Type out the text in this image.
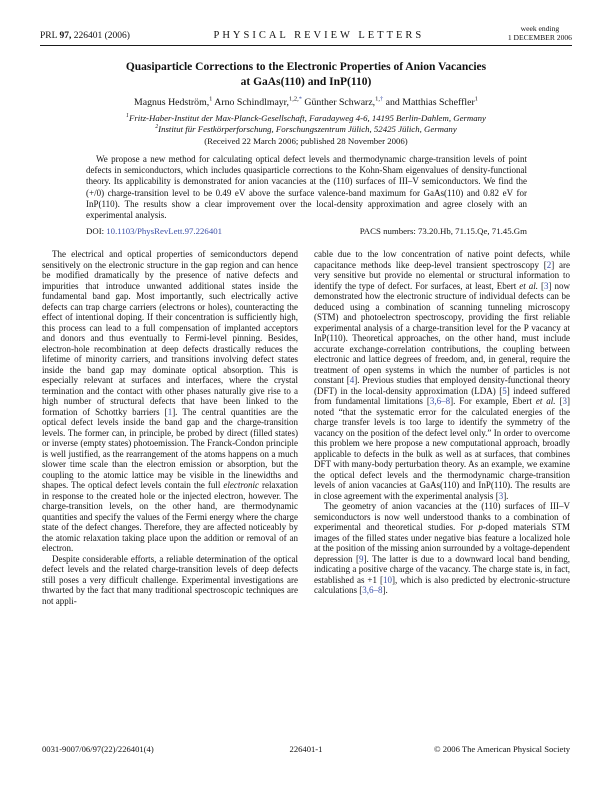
PRL 97, 226401 (2006)	PHYSICAL REVIEW LETTERS
week ending
1 DECEMBER 2006
Quasiparticle Corrections to the Electronic Properties of Anion Vacancies
at GaAs(110) and InP(110)
Magnus Hedström,$^1$ Arno Schindlmayr,$^{1,2,*}$ Günther Schwarz,$^{1,\dagger}$ and Matthias Scheffler$^1$
$^1$Fritz-Haber-Institut der Max-Planck-Gesellschaft, Faradayweg 4-6, 14195 Berlin-Dahlem, Germany
$^2$Institut für Festkörperforschung, Forschungszentrum Jülich, 52425 Jülich, Germany
(Received 22 March 2006; published 28 November 2006)
We propose a new method for calculating optical defect levels and thermodynamic charge-transition levels of point defects in semiconductors, which includes quasiparticle corrections to the Kohn-Sham eigenvalues of density-functional theory. Its applicability is demonstrated for anion vacancies at the (110) surfaces of III–V semiconductors. We find the (+/0) charge-transition level to be 0.49 eV above the surface valence-band maximum for GaAs(110) and 0.82 eV for InP(110). The results show a clear improvement over the local-density approximation and agree closely with an experimental analysis.
DOI: 10.1103/PhysRevLett.97.226401	PACS numbers: 73.20.Hb, 71.15.Qe, 71.45.Gm

The electrical and optical properties of semiconductors depend sensitively on the electronic structure in the gap region and can hence be modified dramatically by the presence of native defects and impurities that introduce unwanted additional states inside the fundamental band gap. Most importantly, such electrically active defects can trap charge carriers (electrons or holes), counteracting the effect of intentional doping. If their concentration is sufficiently high, this process can lead to a full compensation of implanted acceptors and donors and thus eventually to Fermi-level pinning. Besides, electron-hole recombination at deep defects drastically reduces the lifetime of minority carriers, and transitions involving defect states inside the band gap may dominate optical absorption. This is especially relevant at surfaces and interfaces, where the crystal termination and the contact with other phases naturally give rise to a high number of structural defects that have been linked to the formation of Schottky barriers [1]. The central quantities are the optical defect levels inside the band gap and the charge-transition levels. The former can, in principle, be probed by direct (filled states) or inverse (empty states) photoemission. The Franck-Condon principle is well justified, as the rearrangement of the atoms happens on a much slower time scale than the electron emission or absorption, but the coupling to the atomic lattice may be visible in the linewidths and shapes. The optical defect levels contain the full electronic relaxation in response to the created hole or the injected electron, however. The charge-transition levels, on the other hand, are thermodynamic quantities and specify the values of the Fermi energy where the charge state of the defect changes. Therefore, they are affected noticeably by the atomic relaxation taking place upon the addition or removal of an electron.

Despite considerable efforts, a reliable determination of the optical defect levels and the related charge-transition levels of deep defects still poses a very difficult challenge. Experimental investigations are thwarted by the fact that many traditional spectroscopic techniques are not appli-

cable due to the low concentration of native point defects, while capacitance methods like deep-level transient spectroscopy [2] are very sensitive but provide no elemental or structural information to identify the type of defect. For surfaces, at least, Ebert et al. [3] now demonstrated how the electronic structure of individual defects can be deduced using a combination of scanning tunneling microscopy (STM) and photoelectron spectroscopy, providing the first reliable experimental analysis of a charge-transition level for the P vacancy at InP(110). Theoretical approaches, on the other hand, must include accurate exchange-correlation contributions, the coupling between electronic and lattice degrees of freedom, and, in general, require the treatment of open systems in which the number of particles is not constant [4]. Previous studies that employed density-functional theory (DFT) in the local-density approximation (LDA) [5] indeed suffered from fundamental limitations [3,6–8]. For example, Ebert et al. [3] noted “that the systematic error for the calculated energies of the charge transfer levels is too large to identify the symmetry of the vacancy on the position of the defect level only.” In order to overcome this problem we here propose a new computational approach, broadly applicable to defects in the bulk as well as at surfaces, that combines DFT with many-body perturbation theory. As an example, we examine the optical defect levels and the thermodynamic charge-transition levels of anion vacancies at GaAs(110) and InP(110). The results are in close agreement with the experimental analysis [3].

The geometry of anion vacancies at the (110) surfaces of III–V semiconductors is now well understood thanks to a combination of experimental and theoretical studies. For p-doped materials STM images of the filled states under negative bias feature a localized hole at the position of the missing anion surrounded by a voltage-dependent depression [9]. The latter is due to a downward local band bending, indicating a positive charge of the vacancy. The charge state is, in fact, established as +1 [10], which is also predicted by electronic-structure calculations [3,6–8].

0031-9007/06/97(22)/226401(4)	226401-1	© 2006 The American Physical Society
